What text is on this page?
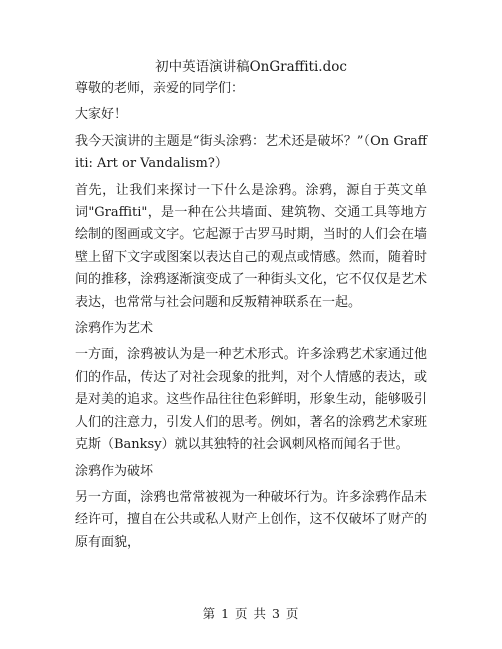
初中英语演讲稿OnGraffiti.doc

尊敬的老师，亲爱的同学们：

大家好！

我今天演讲的主题是“街头涂鸦：艺术还是破坏？”（On Graffiti: Art or Vandalism?）

首先，让我们来探讨一下什么是涂鸦。涂鸦，源自于英文单词"Graffiti"，是一种在公共墙面、建筑物、交通工具等地方绘制的图画或文字。它起源于古罗马时期，当时的人们会在墙壁上留下文字或图案以表达自己的观点或情感。然而，随着时间的推移，涂鸦逐渐演变成了一种街头文化，它不仅仅是艺术表达，也常常与社会问题和反叛精神联系在一起。

涂鸦作为艺术

一方面，涂鸦被认为是一种艺术形式。许多涂鸦艺术家通过他们的作品，传达了对社会现象的批判，对个人情感的表达，或是对美的追求。这些作品往往色彩鲜明，形象生动，能够吸引人们的注意力，引发人们的思考。例如，著名的涂鸦艺术家班克斯（Banksy）就以其独特的社会讽刺风格而闻名于世。

涂鸦作为破坏

另一方面，涂鸦也常常被视为一种破坏行为。许多涂鸦作品未经许可，擅自在公共或私人财产上创作，这不仅破坏了财产的原有面貌，

第 1 页 共 3 页
